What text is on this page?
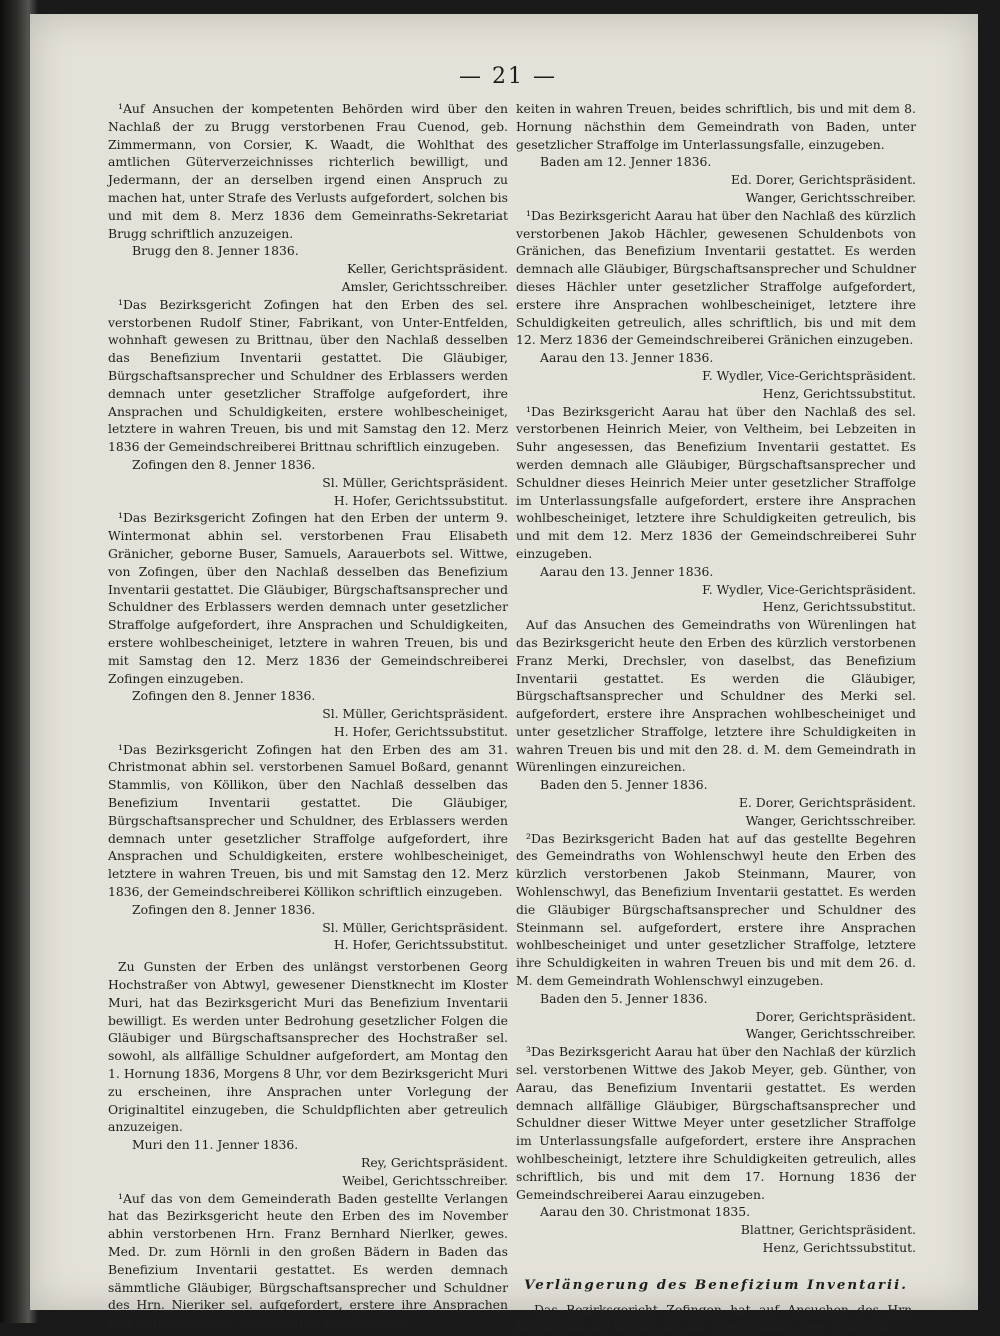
— 21 —

¹Auf Ansuchen der kompetenten Behörden wird über den Nachlaß der zu Brugg verstorbenen Frau Cuenod, geb. Zimmermann, von Corsier, K. Waadt, die Wohlthat des amtlichen Güterverzeichnisses richterlich bewilligt, und Jedermann, der an derselben irgend einen Anspruch zu machen hat, unter Strafe des Verlusts aufgefordert, solchen bis und mit dem 8. Merz 1836 dem Gemeinraths-Sekretariat Brugg schriftlich anzuzeigen.

Brugg den 8. Jenner 1836.

Keller, Gerichtspräsident.

Amsler, Gerichtsschreiber.

¹Das Bezirksgericht Zofingen hat den Erben des sel. verstorbenen Rudolf Stiner, Fabrikant, von Unter-Entfelden, wohnhaft gewesen zu Brittnau, über den Nachlaß desselben das Benefizium Inventarii gestattet. Die Gläubiger, Bürgschaftsansprecher und Schuldner des Erblassers werden demnach unter gesetzlicher Straffolge aufgefordert, ihre Ansprachen und Schuldigkeiten, erstere wohlbescheiniget, letztere in wahren Treuen, bis und mit Samstag den 12. Merz 1836 der Gemeindschreiberei Brittnau schriftlich einzugeben.

Zofingen den 8. Jenner 1836.

Sl. Müller, Gerichtspräsident.

H. Hofer, Gerichtssubstitut.

¹Das Bezirksgericht Zofingen hat den Erben der unterm 9. Wintermonat abhin sel. verstorbenen Frau Elisabeth Gränicher, geborne Buser, Samuels, Aarauerbots sel. Wittwe, von Zofingen, über den Nachlaß desselben das Benefizium Inventarii gestattet. Die Gläubiger, Bürgschaftsansprecher und Schuldner des Erblassers werden demnach unter gesetzlicher Straffolge aufgefordert, ihre Ansprachen und Schuldigkeiten, erstere wohlbescheiniget, letztere in wahren Treuen, bis und mit Samstag den 12. Merz 1836 der Gemeindschreiberei Zofingen einzugeben.

Zofingen den 8. Jenner 1836.

Sl. Müller, Gerichtspräsident.

H. Hofer, Gerichtssubstitut.

¹Das Bezirksgericht Zofingen hat den Erben des am 31. Christmonat abhin sel. verstorbenen Samuel Boßard, genannt Stammlis, von Köllikon, über den Nachlaß desselben das Benefizium Inventarii gestattet. Die Gläubiger, Bürgschaftsansprecher und Schuldner, des Erblassers werden demnach unter gesetzlicher Straffolge aufgefordert, ihre Ansprachen und Schuldigkeiten, erstere wohlbescheiniget, letztere in wahren Treuen, bis und mit Samstag den 12. Merz 1836, der Gemeindschreiberei Köllikon schriftlich einzugeben.

Zofingen den 8. Jenner 1836.

Sl. Müller, Gerichtspräsident.

H. Hofer, Gerichtssubstitut.

Zu Gunsten der Erben des unlängst verstorbenen Georg Hochstraßer von Abtwyl, gewesener Dienstknecht im Kloster Muri, hat das Bezirksgericht Muri das Benefizium Inventarii bewilligt. Es werden unter Bedrohung gesetzlicher Folgen die Gläubiger und Bürgschaftsansprecher des Hochstraßer sel. sowohl, als allfällige Schuldner aufgefordert, am Montag den 1. Hornung 1836, Morgens 8 Uhr, vor dem Bezirksgericht Muri zu erscheinen, ihre Ansprachen unter Vorlegung der Originaltitel einzugeben, die Schuldpflichten aber getreulich anzuzeigen.

Muri den 11. Jenner 1836.

Rey, Gerichtspräsident.

Weibel, Gerichtsschreiber.

¹Auf das von dem Gemeinderath Baden gestellte Verlangen hat das Bezirksgericht heute den Erben des im November abhin verstorbenen Hrn. Franz Bernhard Nierlker, gewes. Med. Dr. zum Hörnli in den großen Bädern in Baden das Benefizium Inventarii gestattet. Es werden demnach sämmtliche Gläubiger, Bürgschaftsansprecher und Schuldner des Hrn. Nieriker sel. aufgefordert, erstere ihre Ansprachen und Anforderungen, letztere aber ihre Schuldig-

keiten in wahren Treuen, beides schriftlich, bis und mit dem 8. Hornung nächsthin dem Gemeindrath von Baden, unter gesetzlicher Straffolge im Unterlassungsfalle, einzugeben.

Baden am 12. Jenner 1836.

Ed. Dorer, Gerichtspräsident.

Wanger, Gerichtsschreiber.

¹Das Bezirksgericht Aarau hat über den Nachlaß des kürzlich verstorbenen Jakob Hächler, gewesenen Schuldenbots von Gränichen, das Benefizium Inventarii gestattet. Es werden demnach alle Gläubiger, Bürgschaftsansprecher und Schuldner dieses Hächler unter gesetzlicher Straffolge aufgefordert, erstere ihre Ansprachen wohlbescheiniget, letztere ihre Schuldigkeiten getreulich, alles schriftlich, bis und mit dem 12. Merz 1836 der Gemeindschreiberei Gränichen einzugeben.

Aarau den 13. Jenner 1836.

F. Wydler, Vice-Gerichtspräsident.

Henz, Gerichtssubstitut.

¹Das Bezirksgericht Aarau hat über den Nachlaß des sel. verstorbenen Heinrich Meier, von Veltheim, bei Lebzeiten in Suhr angesessen, das Benefizium Inventarii gestattet. Es werden demnach alle Gläubiger, Bürgschaftsansprecher und Schuldner dieses Heinrich Meier unter gesetzlicher Straffolge im Unterlassungsfalle aufgefordert, erstere ihre Ansprachen wohlbescheiniget, letztere ihre Schuldigkeiten getreulich, bis und mit dem 12. Merz 1836 der Gemeindschreiberei Suhr einzugeben.

Aarau den 13. Jenner 1836.

F. Wydler, Vice-Gerichtspräsident.

Henz, Gerichtssubstitut.

Auf das Ansuchen des Gemeindraths von Würenlingen hat das Bezirksgericht heute den Erben des kürzlich verstorbenen Franz Merki, Drechsler, von daselbst, das Benefizium Inventarii gestattet. Es werden die Gläubiger, Bürgschaftsansprecher und Schuldner des Merki sel. aufgefordert, erstere ihre Ansprachen wohlbescheiniget und unter gesetzlicher Straffolge, letztere ihre Schuldigkeiten in wahren Treuen bis und mit den 28. d. M. dem Gemeindrath in Würenlingen einzureichen.

Baden den 5. Jenner 1836.

E. Dorer, Gerichtspräsident.

Wanger, Gerichtsschreiber.

²Das Bezirksgericht Baden hat auf das gestellte Begehren des Gemeindraths von Wohlenschwyl heute den Erben des kürzlich verstorbenen Jakob Steinmann, Maurer, von Wohlenschwyl, das Benefizium Inventarii gestattet. Es werden die Gläubiger Bürgschaftsansprecher und Schuldner des Steinmann sel. aufgefordert, erstere ihre Ansprachen wohlbescheiniget und unter gesetzlicher Straffolge, letztere ihre Schuldigkeiten in wahren Treuen bis und mit dem 26. d. M. dem Gemeindrath Wohlenschwyl einzugeben.

Baden den 5. Jenner 1836.

Dorer, Gerichtspräsident.

Wanger, Gerichtsschreiber.

³Das Bezirksgericht Aarau hat über den Nachlaß der kürzlich sel. verstorbenen Wittwe des Jakob Meyer, geb. Günther, von Aarau, das Benefizium Inventarii gestattet. Es werden demnach allfällige Gläubiger, Bürgschaftsansprecher und Schuldner dieser Wittwe Meyer unter gesetzlicher Straffolge im Unterlassungsfalle aufgefordert, erstere ihre Ansprachen wohlbescheinigt, letztere ihre Schuldigkeiten getreulich, alles schriftlich, bis und mit dem 17. Hornung 1836 der Gemeindschreiberei Aarau einzugeben.

Aarau den 30. Christmonat 1835.

Blattner, Gerichtspräsident.

Henz, Gerichtssubstitut.

Verlängerung des Benefizium Inventarii.

Das Bezirksgericht Zofingen hat auf Ansuchen des Hrn. Beistandes der Wittwe des sel. verstorbenen Hrn. Oberrich-
